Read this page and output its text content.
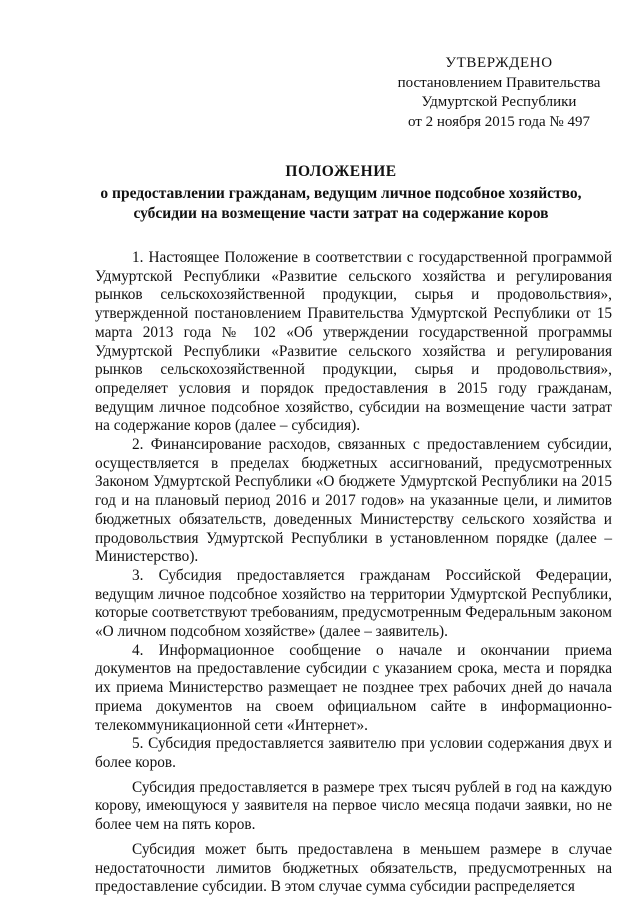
УТВЕРЖДЕНО
постановлением Правительства
Удмуртской Республики
от 2 ноября 2015 года № 497
ПОЛОЖЕНИЕ
о предоставлении гражданам, ведущим личное подсобное хозяйство,
субсидии на возмещение части затрат на содержание коров

1. Настоящее Положение в соответствии с государственной программой Удмуртской Республики «Развитие сельского хозяйства и регулирования рынков сельскохозяйственной продукции, сырья и продовольствия», утвержденной постановлением Правительства Удмуртской Республики от 15 марта 2013 года № 102 «Об утверждении государственной программы Удмуртской Республики «Развитие сельского хозяйства и регулирования рынков сельскохозяйственной продукции, сырья и продовольствия», определяет условия и порядок предоставления в 2015 году гражданам, ведущим личное подсобное хозяйство, субсидии на возмещение части затрат на содержание коров (далее – субсидия).

2. Финансирование расходов, связанных с предоставлением субсидии, осуществляется в пределах бюджетных ассигнований, предусмотренных Законом Удмуртской Республики «О бюджете Удмуртской Республики на 2015 год и на плановый период 2016 и 2017 годов» на указанные цели, и лимитов бюджетных обязательств, доведенных Министерству сельского хозяйства и продовольствия Удмуртской Республики в установленном порядке (далее – Министерство).

3. Субсидия предоставляется гражданам Российской Федерации, ведущим личное подсобное хозяйство на территории Удмуртской Республики, которые соответствуют требованиям, предусмотренным Федеральным законом «О личном подсобном хозяйстве» (далее – заявитель).

4. Информационное сообщение о начале и окончании приема документов на предоставление субсидии с указанием срока, места и порядка их приема Министерство размещает не позднее трех рабочих дней до начала приема документов на своем официальном сайте в информационно-телекоммуникационной сети «Интернет».

5. Субсидия предоставляется заявителю при условии содержания двух и более коров.

Субсидия предоставляется в размере трех тысяч рублей в год на каждую корову, имеющуюся у заявителя на первое число месяца подачи заявки, но не более чем на пять коров.

Субсидия может быть предоставлена в меньшем размере в случае недостаточности лимитов бюджетных обязательств, предусмотренных на предоставление субсидии. В этом случае сумма субсидии распределяется
